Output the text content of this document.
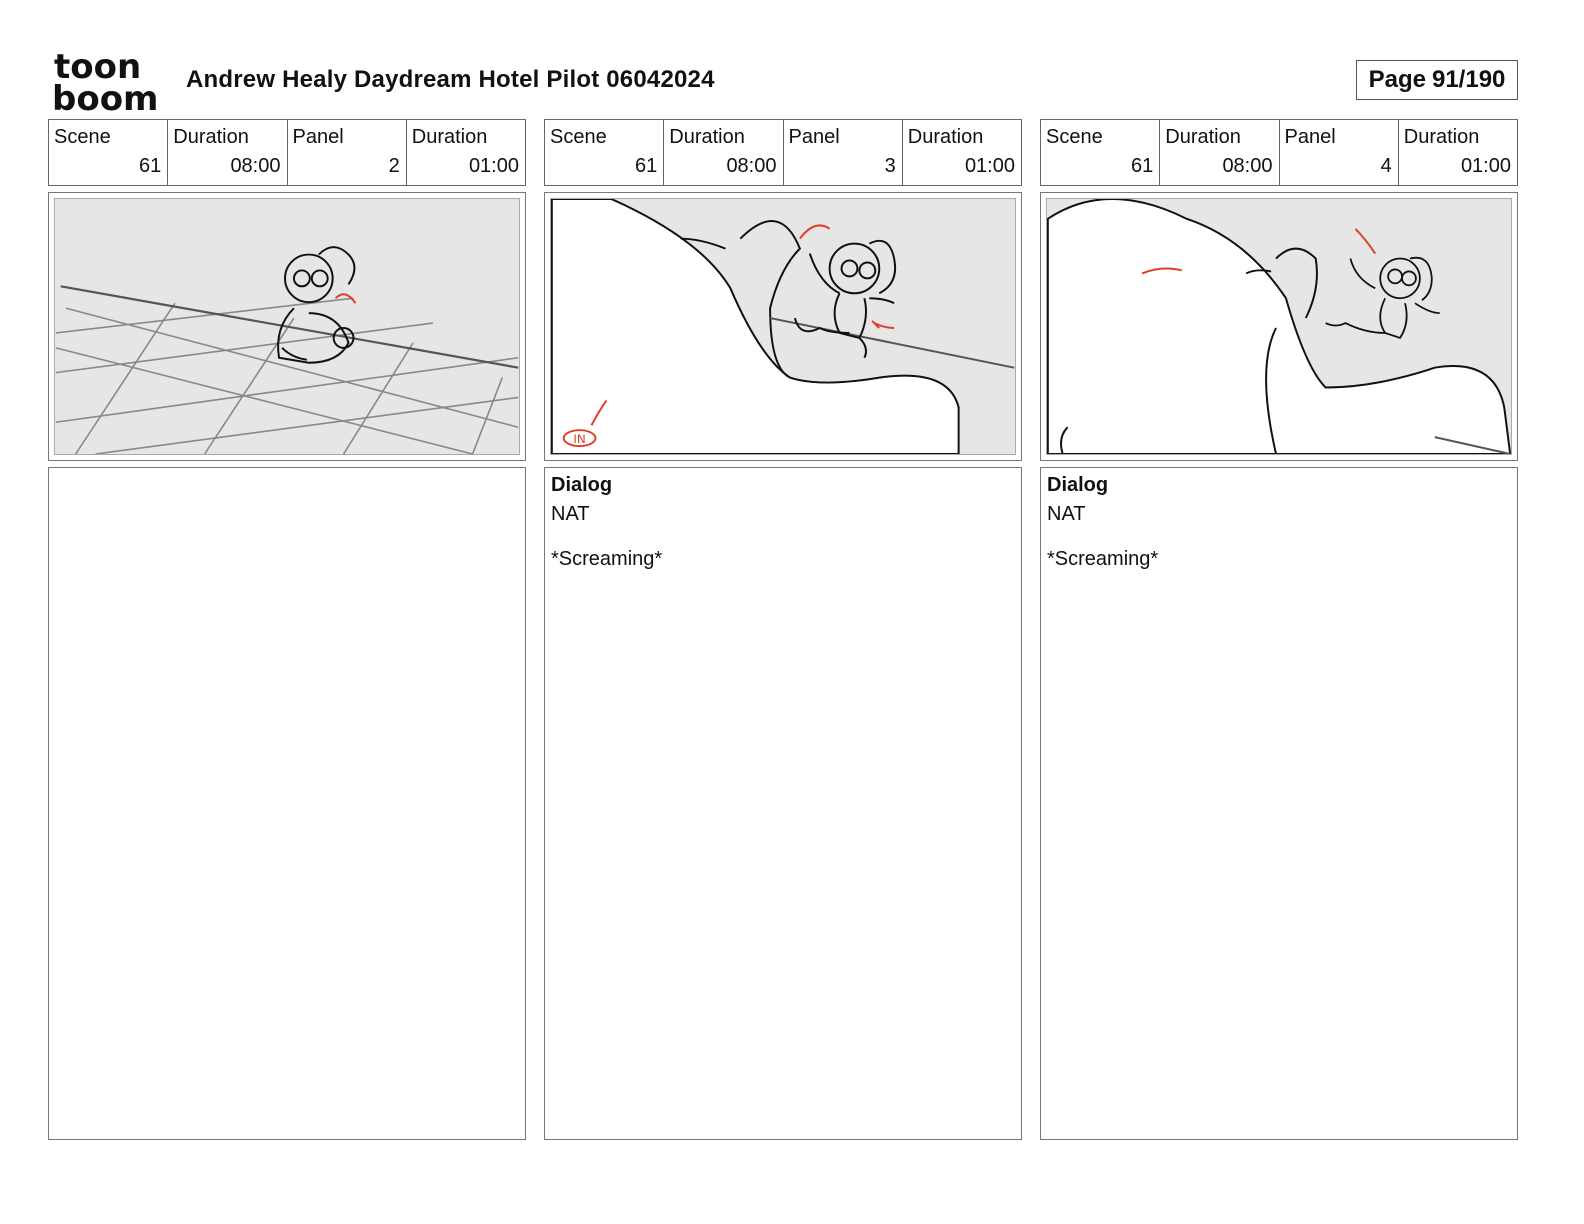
toon
boom Andrew Healy Daydream Hotel Pilot 06042024	Page 91/190
Scene
61
Duration
08:00
Panel
2
Duration
01:00
Scene
61
Duration
08:00
Panel
3
Duration
01:00
IN
Dialog
NAT
*Screaming*
Scene
61
Duration
08:00
Panel
4
Duration
01:00
Dialog
NAT
*Screaming*
